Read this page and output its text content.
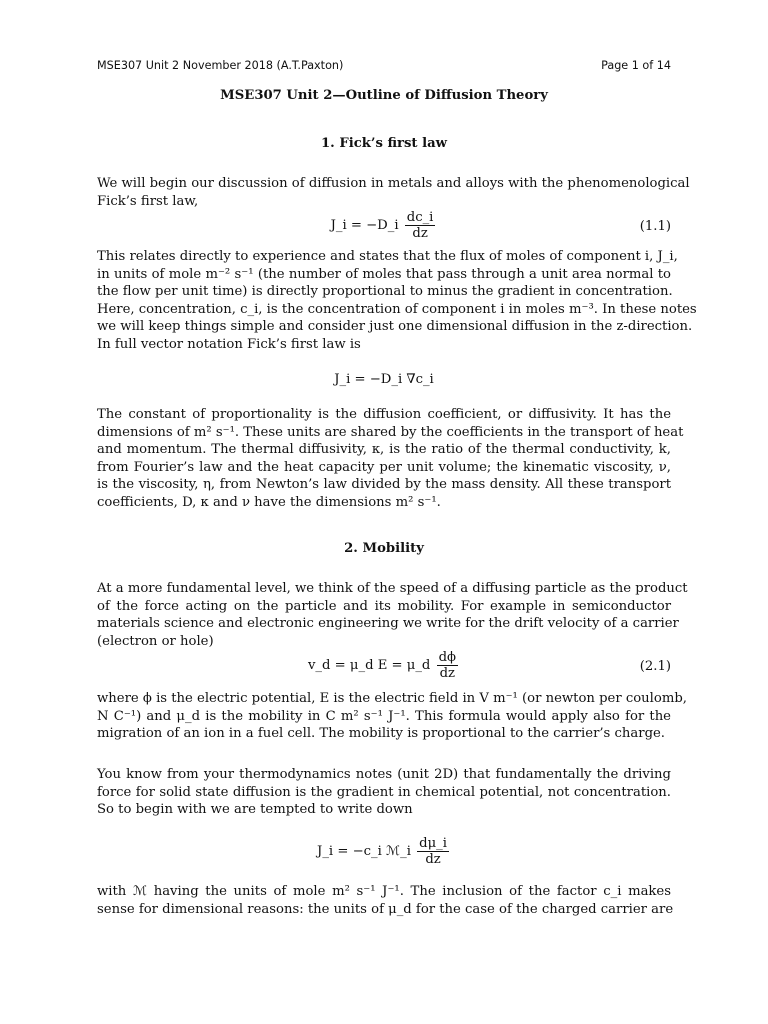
MSE307 Unit 2 November 2018 (A.T.Paxton)	Page 1 of 14
MSE307 Unit 2—Outline of Diffusion Theory
1. Fick’s first law
We will begin our discussion of diffusion in metals and alloys with the phenomenological
Fick’s first law,
J_i = −D_i $\frac{dc\_i}{dz}$	(1.1)
This relates directly to experience and states that the flux of moles of component i, J_i,
in units of mole m⁻² s⁻¹ (the number of moles that pass through a unit area normal to
the flow per unit time) is directly proportional to minus the gradient in concentration.
Here, concentration, c_i, is the concentration of component i in moles m⁻³. In these notes
we will keep things simple and consider just one dimensional diffusion in the z-direction.
In full vector notation Fick’s first law is
J_i = −D_i ∇c_i
The constant of proportionality is the diffusion coefficient, or diffusivity. It has the
dimensions of m² s⁻¹. These units are shared by the coefficients in the transport of heat
and momentum. The thermal diffusivity, κ, is the ratio of the thermal conductivity, k,
from Fourier’s law and the heat capacity per unit volume; the kinematic viscosity, ν,
is the viscosity, η, from Newton’s law divided by the mass density. All these transport
coefficients, D, κ and ν have the dimensions m² s⁻¹.
2. Mobility
At a more fundamental level, we think of the speed of a diffusing particle as the product
of the force acting on the particle and its mobility. For example in semiconductor
materials science and electronic engineering we write for the drift velocity of a carrier
(electron or hole)
v_d = μ_d E = μ_d $\frac{d\phi}{dz}$	(2.1)
where ϕ is the electric potential, E is the electric field in V m⁻¹ (or newton per coulomb,
N C⁻¹) and μ_d is the mobility in C m² s⁻¹ J⁻¹. This formula would apply also for the
migration of an ion in a fuel cell. The mobility is proportional to the carrier’s charge.
You know from your thermodynamics notes (unit 2D) that fundamentally the driving
force for solid state diffusion is the gradient in chemical potential, not concentration.
So to begin with we are tempted to write down
J_i = −c_i ℳ_i $\frac{d\mu\_i}{dz}$
with ℳ having the units of mole m² s⁻¹ J⁻¹. The inclusion of the factor c_i makes
sense for dimensional reasons: the units of μ_d for the case of the charged carrier are
